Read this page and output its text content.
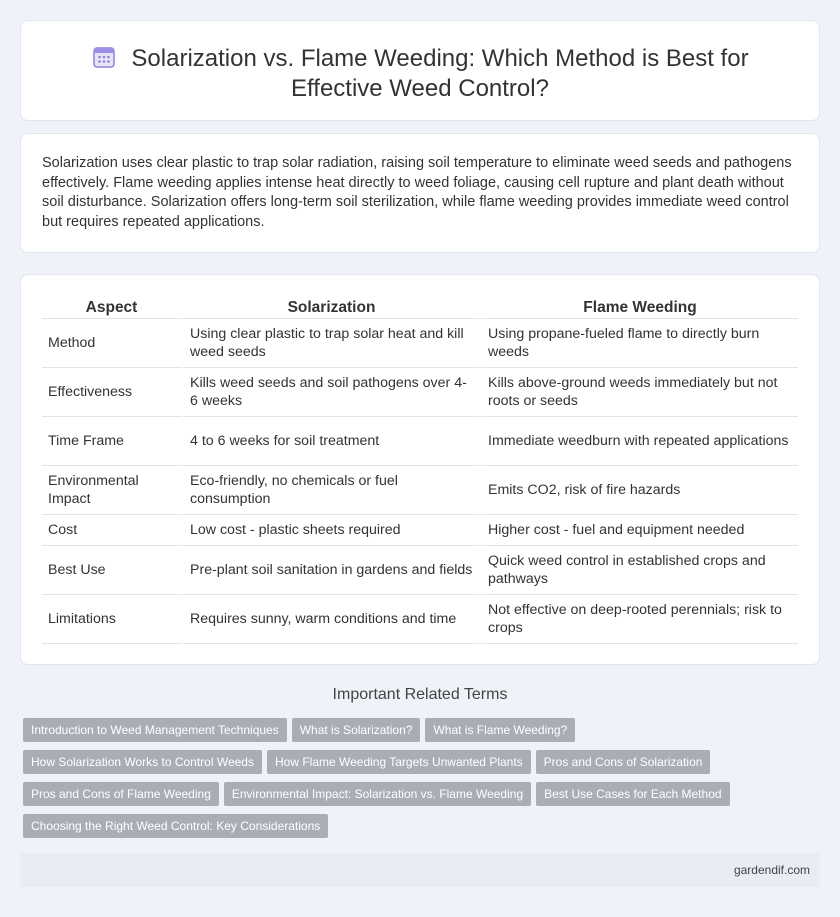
Solarization vs. Flame Weeding: Which Method is Best for
Effective Weed Control?

Solarization uses clear plastic to trap solar radiation, raising soil temperature to eliminate weed seeds and pathogens effectively. Flame weeding applies intense heat directly to weed foliage, causing cell rupture and plant death without soil disturbance. Solarization offers long-term soil sterilization, while flame weeding provides immediate weed control but requires repeated applications.

Aspect	Solarization	Flame Weeding
Method	Using clear plastic to trap solar heat and kill weed seeds	Using propane-fueled flame to directly burn weeds
Effectiveness	Kills weed seeds and soil pathogens over 4-6 weeks	Kills above-ground weeds immediately but not roots or seeds
Time Frame	4 to 6 weeks for soil treatment	Immediate weedburn with repeated applications
Environmental Impact	Eco-friendly, no chemicals or fuel consumption	Emits CO2, risk of fire hazards
Cost	Low cost - plastic sheets required	Higher cost - fuel and equipment needed
Best Use	Pre-plant soil sanitation in gardens and fields	Quick weed control in established crops and pathways
Limitations	Requires sunny, warm conditions and time	Not effective on deep-rooted perennials; risk to crops
Important Related Terms
Introduction to Weed Management Techniques What is Solarization? What is Flame Weeding?
How Solarization Works to Control Weeds How Flame Weeding Targets Unwanted Plants Pros and Cons of Solarization
Pros and Cons of Flame Weeding Environmental Impact: Solarization vs. Flame Weeding Best Use Cases for Each Method
Choosing the Right Weed Control: Key Considerations
gardendif.com
